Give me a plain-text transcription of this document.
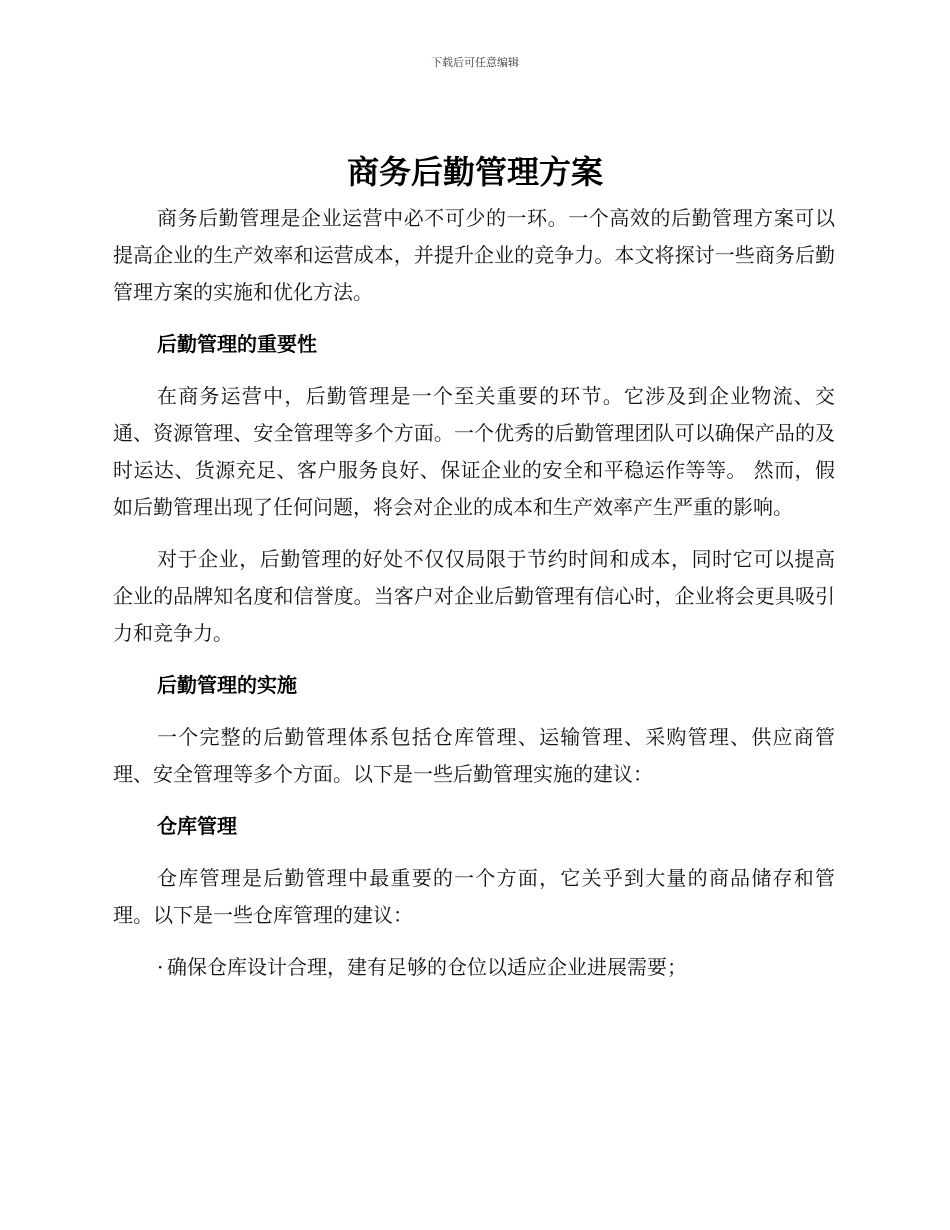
下载后可任意编辑
商务后勤管理方案

商务后勤管理是企业运营中必不可少的一环。一个高效的后勤管理方案可以提高企业的生产效率和运营成本，并提升企业的竞争力。本文将探讨一些商务后勤管理方案的实施和优化方法。

后勤管理的重要性

在商务运营中，后勤管理是一个至关重要的环节。它涉及到企业物流、交通、资源管理、安全管理等多个方面。一个优秀的后勤管理团队可以确保产品的及时运达、货源充足、客户服务良好、保证企业的安全和平稳运作等等。 然而，假如后勤管理出现了任何问题，将会对企业的成本和生产效率产生严重的影响。

对于企业，后勤管理的好处不仅仅局限于节约时间和成本，同时它可以提高企业的品牌知名度和信誉度。当客户对企业后勤管理有信心时，企业将会更具吸引力和竞争力。

后勤管理的实施

一个完整的后勤管理体系包括仓库管理、运输管理、采购管理、供应商管理、安全管理等多个方面。以下是一些后勤管理实施的建议：

仓库管理

仓库管理是后勤管理中最重要的一个方面，它关乎到大量的商品储存和管理。以下是一些仓库管理的建议：

· 确保仓库设计合理，建有足够的仓位以适应企业进展需要；
